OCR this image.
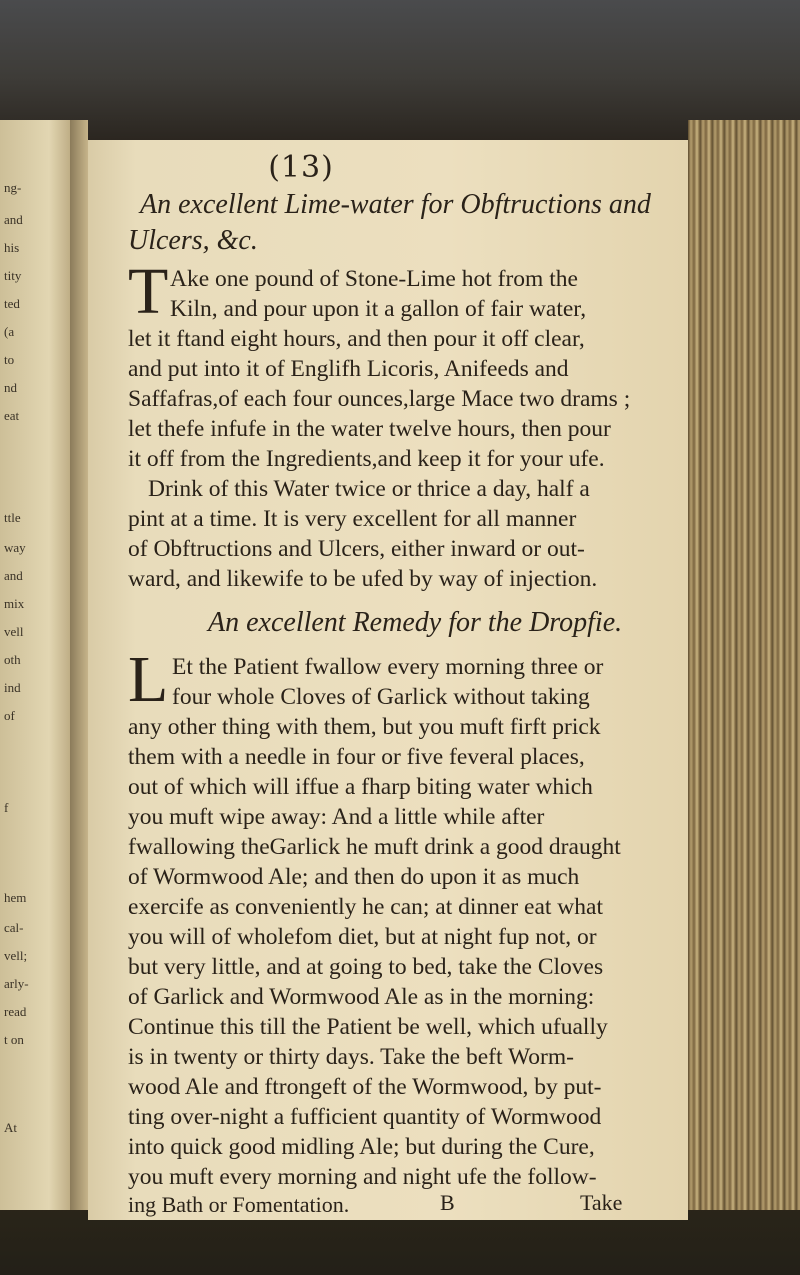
ng-
and
his
tity
ted
(a
to
nd
eat
ttle
way
and
mix
vell
oth
ind
of
f
hem
cal-
vell;
arly-
read
t on
At
(13)
An excellent Lime-water for Obftructions and
Ulcers, &c.
T Ake one pound of Stone-Lime hot from the
Kiln, and pour upon it a gallon of fair water,
let it ftand eight hours, and then pour it off clear,
and put into it of Englifh Licoris, Anifeeds and
Saffafras,of each four ounces,large Mace two drams ;
let thefe infufe in the water twelve hours, then pour
it off from the Ingredients,and keep it for your ufe.
Drink of this Water twice or thrice a day, half a
pint at a time. It is very excellent for all manner
of Obftructions and Ulcers, either inward or out-
ward, and likewife to be ufed by way of injection.
An excellent Remedy for the Dropfie.
L Et the Patient fwallow every morning three or
four whole Cloves of Garlick without taking
any other thing with them, but you muft firft prick
them with a needle in four or five feveral places,
out of which will iffue a fharp biting water which
you muft wipe away: And a little while after
fwallowing theGarlick he muft drink a good draught
of Wormwood Ale; and then do upon it as much
exercife as conveniently he can; at dinner eat what
you will of wholefom diet, but at night fup not, or
but very little, and at going to bed, take the Cloves
of Garlick and Wormwood Ale as in the morning:
Continue this till the Patient be well, which ufually
is in twenty or thirty days. Take the beft Worm-
wood Ale and ftrongeft of the Wormwood, by put-
ting over-night a fufficient quantity of Wormwood
into quick good midling Ale; but during the Cure,
you muft every morning and night ufe the follow-
ing Bath or Fomentation.	B	Take
